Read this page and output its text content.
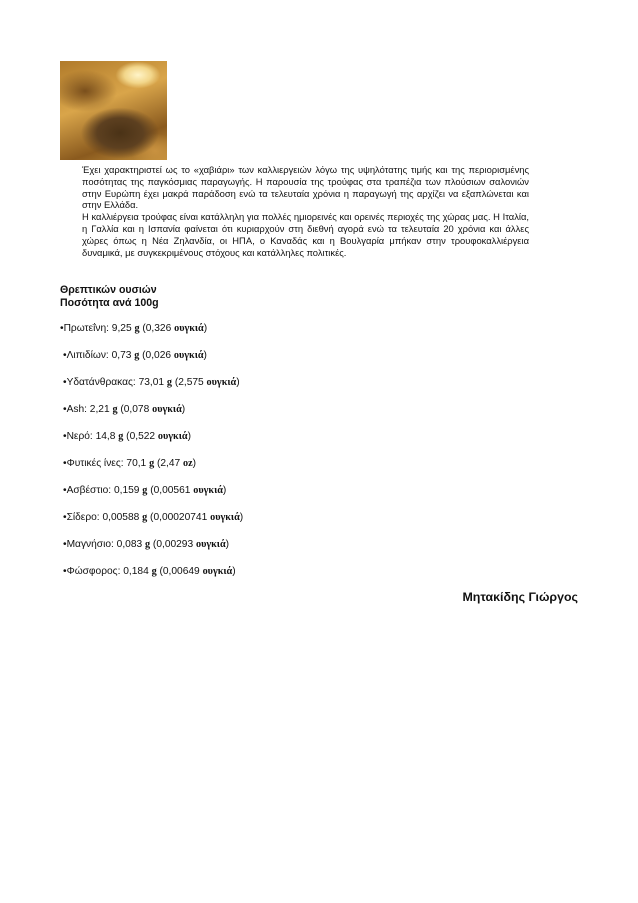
Έχει χαρακτηριστεί ως το «χαβιάρι» των καλλιεργειών λόγω της υψηλότατης τιμής και της περιορισμένης ποσότητας της παγκόσμιας παραγωγής. Η παρουσία της τρούφας στα τραπέζια των πλούσιων σαλονιών στην Ευρώπη έχει μακρά παράδοση ενώ τα τελευταία χρόνια η παραγωγή της αρχίζει να εξαπλώνεται και στην Ελλάδα.

Η καλλιέργεια τρούφας είναι κατάλληλη για πολλές ημιορεινές και ορεινές περιοχές της χώρας μας. Η Ιταλία, η Γαλλία και η Ισπανία φαίνεται ότι κυριαρχούν στη διεθνή αγορά ενώ τα τελευταία 20 χρόνια και άλλες χώρες όπως η Νέα Ζηλανδία, οι ΗΠΑ, ο Καναδάς και η Βουλγαρία μπήκαν στην τρουφοκαλλιέργεια δυναμικά, με συγκεκριμένους στόχους και κατάλληλες πολιτικές.

Θρεπτικών ουσιών
Ποσότητα ανά 100g
•Πρωτεΐνη: 9,25 g (0,326 ουγκιά)
•Λιπιδίων: 0,73 g (0,026 ουγκιά)
•Υδατάνθρακας: 73,01 g (2,575 ουγκιά)
•Ash: 2,21 g (0,078 ουγκιά)
•Νερό: 14,8 g (0,522 ουγκιά)
•Φυτικές ίνες: 70,1 g (2,47 oz)
•Ασβέστιο: 0,159 g (0,00561 ουγκιά)
•Σίδερο: 0,00588 g (0,00020741 ουγκιά)
•Μαγνήσιο: 0,083 g (0,00293 ουγκιά)
•Φώσφορος: 0,184 g (0,00649 ουγκιά)
Μητακίδης Γιώργος
